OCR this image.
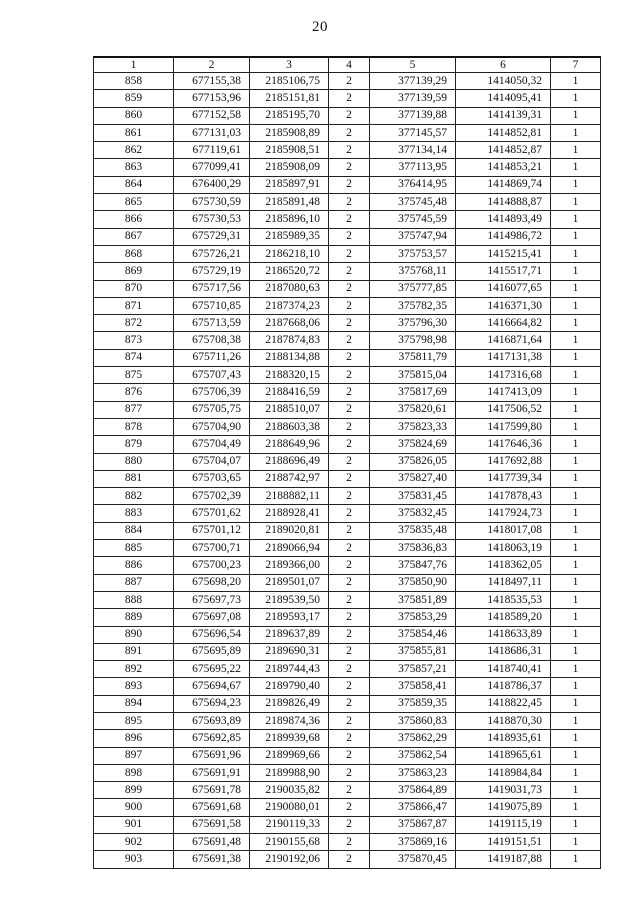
20
1	2	3	4	5	6	7
858	677155,38	2185106,75	2	377139,29	1414050,32	1
859	677153,96	2185151,81	2	377139,59	1414095,41	1
860	677152,58	2185195,70	2	377139,88	1414139,31	1
861	677131,03	2185908,89	2	377145,57	1414852,81	1
862	677119,61	2185908,51	2	377134,14	1414852,87	1
863	677099,41	2185908,09	2	377113,95	1414853,21	1
864	676400,29	2185897,91	2	376414,95	1414869,74	1
865	675730,59	2185891,48	2	375745,48	1414888,87	1
866	675730,53	2185896,10	2	375745,59	1414893,49	1
867	675729,31	2185989,35	2	375747,94	1414986,72	1
868	675726,21	2186218,10	2	375753,57	1415215,41	1
869	675729,19	2186520,72	2	375768,11	1415517,71	1
870	675717,56	2187080,63	2	375777,85	1416077,65	1
871	675710,85	2187374,23	2	375782,35	1416371,30	1
872	675713,59	2187668,06	2	375796,30	1416664,82	1
873	675708,38	2187874,83	2	375798,98	1416871,64	1
874	675711,26	2188134,88	2	375811,79	1417131,38	1
875	675707,43	2188320,15	2	375815,04	1417316,68	1
876	675706,39	2188416,59	2	375817,69	1417413,09	1
877	675705,75	2188510,07	2	375820,61	1417506,52	1
878	675704,90	2188603,38	2	375823,33	1417599,80	1
879	675704,49	2188649,96	2	375824,69	1417646,36	1
880	675704,07	2188696,49	2	375826,05	1417692,88	1
881	675703,65	2188742,97	2	375827,40	1417739,34	1
882	675702,39	2188882,11	2	375831,45	1417878,43	1
883	675701,62	2188928,41	2	375832,45	1417924,73	1
884	675701,12	2189020,81	2	375835,48	1418017,08	1
885	675700,71	2189066,94	2	375836,83	1418063,19	1
886	675700,23	2189366,00	2	375847,76	1418362,05	1
887	675698,20	2189501,07	2	375850,90	1418497,11	1
888	675697,73	2189539,50	2	375851,89	1418535,53	1
889	675697,08	2189593,17	2	375853,29	1418589,20	1
890	675696,54	2189637,89	2	375854,46	1418633,89	1
891	675695,89	2189690,31	2	375855,81	1418686,31	1
892	675695,22	2189744,43	2	375857,21	1418740,41	1
893	675694,67	2189790,40	2	375858,41	1418786,37	1
894	675694,23	2189826,49	2	375859,35	1418822,45	1
895	675693,89	2189874,36	2	375860,83	1418870,30	1
896	675692,85	2189939,68	2	375862,29	1418935,61	1
897	675691,96	2189969,66	2	375862,54	1418965,61	1
898	675691,91	2189988,90	2	375863,23	1418984,84	1
899	675691,78	2190035,82	2	375864,89	1419031,73	1
900	675691,68	2190080,01	2	375866,47	1419075,89	1
901	675691,58	2190119,33	2	375867,87	1419115,19	1
902	675691,48	2190155,68	2	375869,16	1419151,51	1
903	675691,38	2190192,06	2	375870,45	1419187,88	1
